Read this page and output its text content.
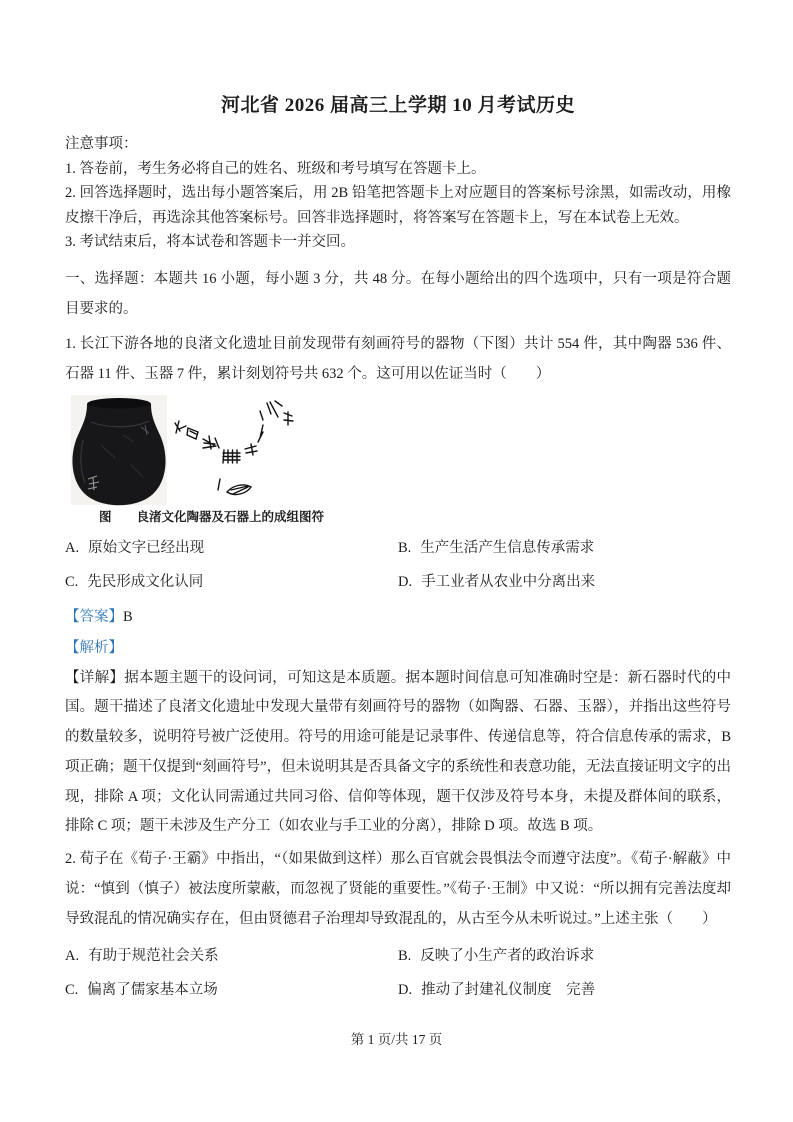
河北省 2026 届高三上学期 10 月考试历史

注意事项：

1. 答卷前，考生务必将自己的姓名、班级和考号填写在答题卡上。

2. 回答选择题时，选出每小题答案后，用 2B 铅笔把答题卡上对应题目的答案标号涂黑，如需改动，用橡皮擦干净后，再选涂其他答案标号。回答非选择题时，将答案写在答题卡上，写在本试卷上无效。

3. 考试结束后，将本试卷和答题卡一并交回。

一、选择题：本题共 16 小题，每小题 3 分，共 48 分。在每小题给出的四个选项中，只有一项是符合题目要求的。

1. 长江下游各地的良渚文化遗址目前发现带有刻画符号的器物（下图）共计 554 件，其中陶器 536 件、石器 11 件、玉器 7 件，累计刻划符号共 632 个。这可用以佐证当时（　　）

图　　良渚文化陶器及石器上的成组图符

A. 原始文字已经出现	B. 生产生活产生信息传承需求
C. 先民形成文化认同	D. 手工业者从农业中分离出来

【答案】B

【解析】

【详解】据本题主题干的设问词，可知这是本质题。据本题时间信息可知准确时空是：新石器时代的中国。题干描述了良渚文化遗址中发现大量带有刻画符号的器物（如陶器、石器、玉器），并指出这些符号的数量较多，说明符号被广泛使用。符号的用途可能是记录事件、传递信息等，符合信息传承的需求，B 项正确；题干仅提到“刻画符号”，但未说明其是否具备文字的系统性和表意功能，无法直接证明文字的出现，排除 A 项；文化认同需通过共同习俗、信仰等体现，题干仅涉及符号本身，未提及群体间的联系，排除 C 项；题干未涉及生产分工（如农业与手工业的分离），排除 D 项。故选 B 项。

2. 荀子在《荀子·王霸》中指出，“（如果做到这样）那么百官就会畏惧法令而遵守法度”。《荀子·解蔽》中说：“慎到（慎子）被法度所蒙蔽，而忽视了贤能的重要性。”《荀子·王制》中又说：“所以拥有完善法度却导致混乱的情况确实存在，但由贤德君子治理却导致混乱的，从古至今从未听说过。”上述主张（　　）

A. 有助于规范社会关系	B. 反映了小生产者的政治诉求
C. 偏离了儒家基本立场	D. 推动了封建礼仪制度　完善

第 1 页/共 17 页
